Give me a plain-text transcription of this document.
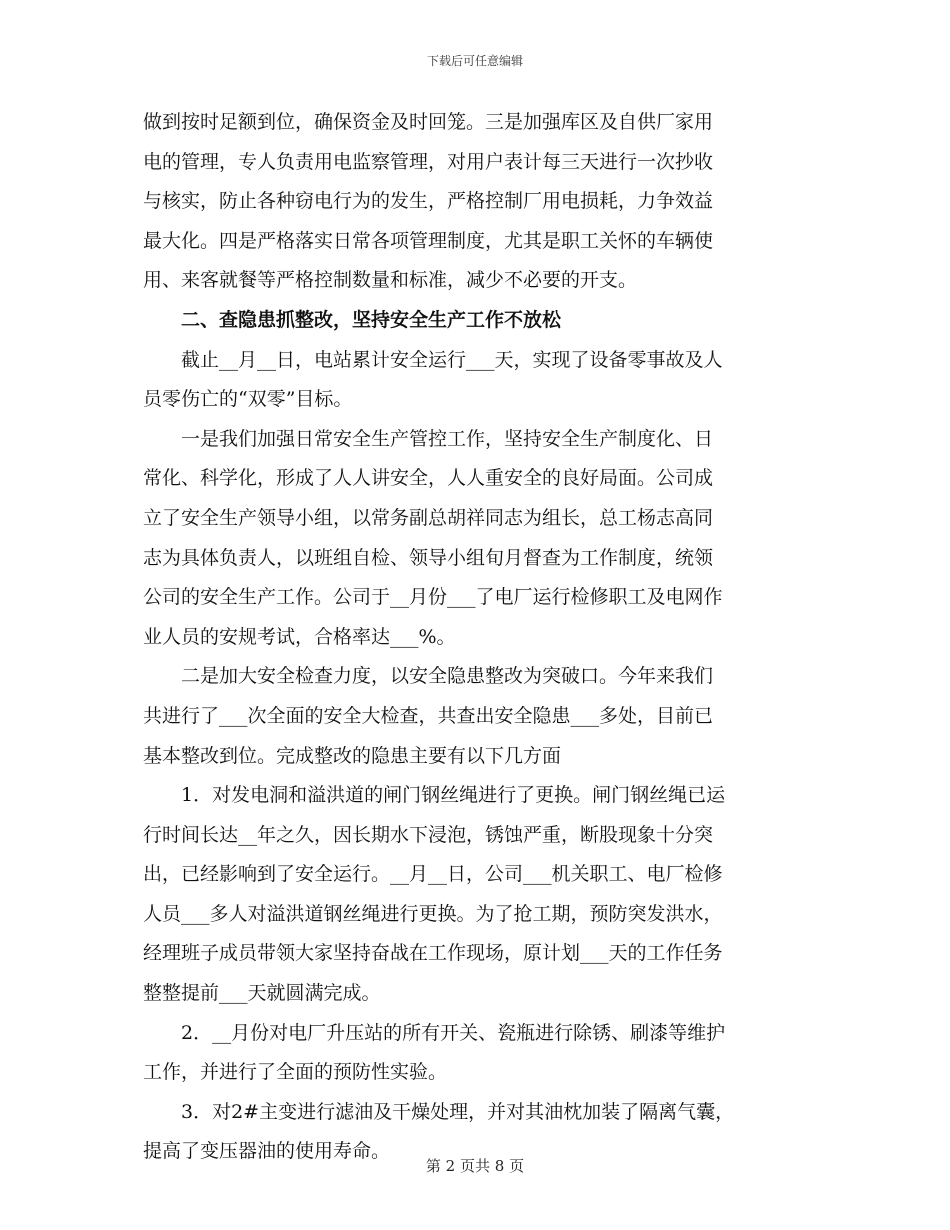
下载后可任意编辑
做到按时足额到位，确保资金及时回笼。三是加强库区及自供厂家用
电的管理，专人负责用电监察管理，对用户表计每三天进行一次抄收
与核实，防止各种窃电行为的发生，严格控制厂用电损耗，力争效益
最大化。四是严格落实日常各项管理制度，尤其是职工关怀的车辆使
用、来客就餐等严格控制数量和标准，减少不必要的开支。
　　二、查隐患抓整改，坚持安全生产工作不放松
　　截止__月__日，电站累计安全运行___天，实现了设备零事故及人
员零伤亡的“双零”目标。
　　一是我们加强日常安全生产管控工作，坚持安全生产制度化、日
常化、科学化，形成了人人讲安全，人人重安全的良好局面。公司成
立了安全生产领导小组，以常务副总胡祥同志为组长，总工杨志高同
志为具体负责人，以班组自检、领导小组旬月督查为工作制度，统领
公司的安全生产工作。公司于__月份___了电厂运行检修职工及电网作
业人员的安规考试，合格率达___%。
　　二是加大安全检查力度，以安全隐患整改为突破口。今年来我们
共进行了___次全面的安全大检查，共查出安全隐患___多处，目前已
基本整改到位。完成整改的隐患主要有以下几方面
　　1．对发电洞和溢洪道的闸门钢丝绳进行了更换。闸门钢丝绳已运
行时间长达__年之久，因长期水下浸泡，锈蚀严重，断股现象十分突
出，已经影响到了安全运行。__月__日，公司___机关职工、电厂检修
人员___多人对溢洪道钢丝绳进行更换。为了抢工期，预防突发洪水，
经理班子成员带领大家坚持奋战在工作现场，原计划___天的工作任务
整整提前___天就圆满完成。
　　2．__月份对电厂升压站的所有开关、瓷瓶进行除锈、刷漆等维护
工作，并进行了全面的预防性实验。
　　3．对2#主变进行滤油及干燥处理，并对其油枕加装了隔离气囊，
提高了变压器油的使用寿命。
第 2 页共 8 页
